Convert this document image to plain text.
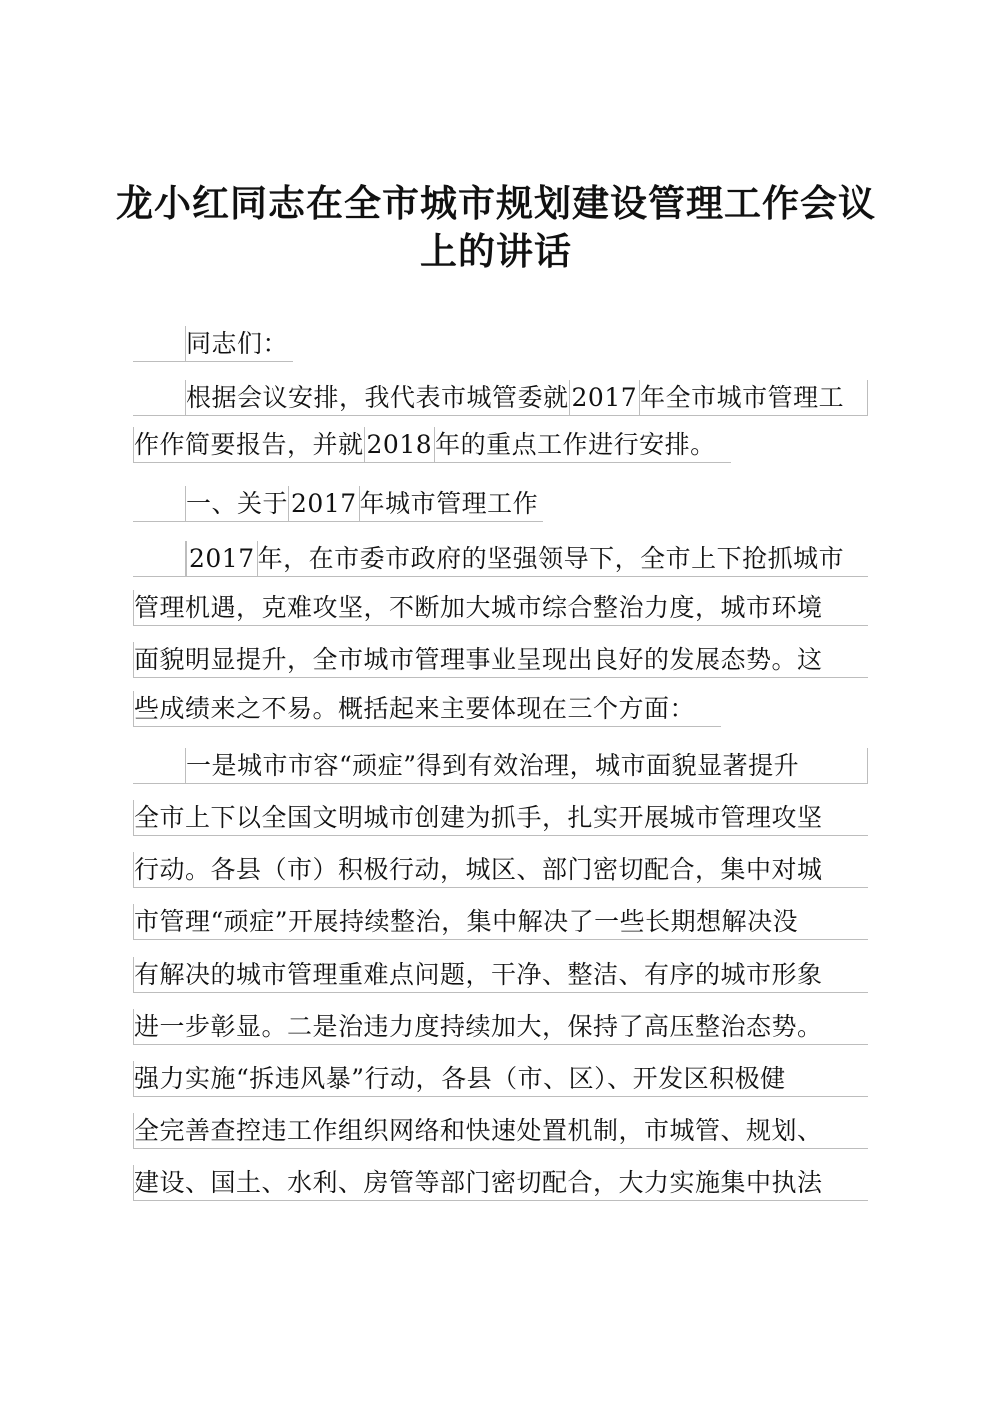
龙小红同志在全市城市规划建设管理工作会议
上的讲话
同志们：
根据会议安排，我代表市城管委就 2017 年全市城市管理工
作作简要报告，并就 2018 年的重点工作进行安排。
一、关于 2017 年城市管理工作
2017 年，在市委市政府的坚强领导下，全市上下抢抓城市
管理机遇，克难攻坚，不断加大城市综合整治力度，城市环境
面貌明显提升，全市城市管理事业呈现出良好的发展态势。这
些成绩来之不易。概括起来主要体现在三个方面：
一是城市市容“顽症”得到有效治理，城市面貌显著提升
全市上下以全国文明城市创建为抓手，扎实开展城市管理攻坚
行动。各县（市）积极行动，城区、部门密切配合，集中对城
市管理“顽症”开展持续整治，集中解决了一些长期想解决没
有解决的城市管理重难点问题，干净、整洁、有序的城市形象
进一步彰显。二是治违力度持续加大，保持了高压整治态势。
强力实施“拆违风暴”行动，各县（市、区）、开发区积极健
全完善查控违工作组织网络和快速处置机制，市城管、规划、
建设、国土、水利、房管等部门密切配合，大力实施集中执法
